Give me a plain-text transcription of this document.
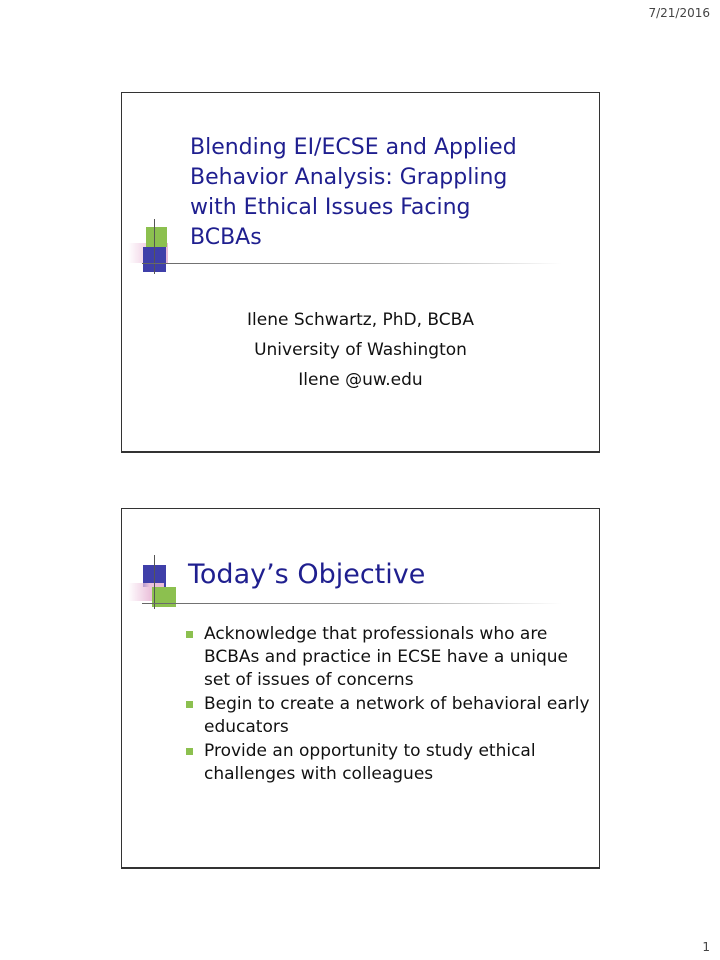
7/21/2016
Blending EI/ECSE and Applied
Behavior Analysis: Grappling
with Ethical Issues Facing
BCBAs
Ilene Schwartz, PhD, BCBA
University of Washington
Ilene @uw.edu
Today’s Objective
Acknowledge that professionals who are BCBAs and practice in ECSE have a unique set of issues of concerns
Begin to create a network of behavioral early educators
Provide an opportunity to study ethical challenges with colleagues
1
